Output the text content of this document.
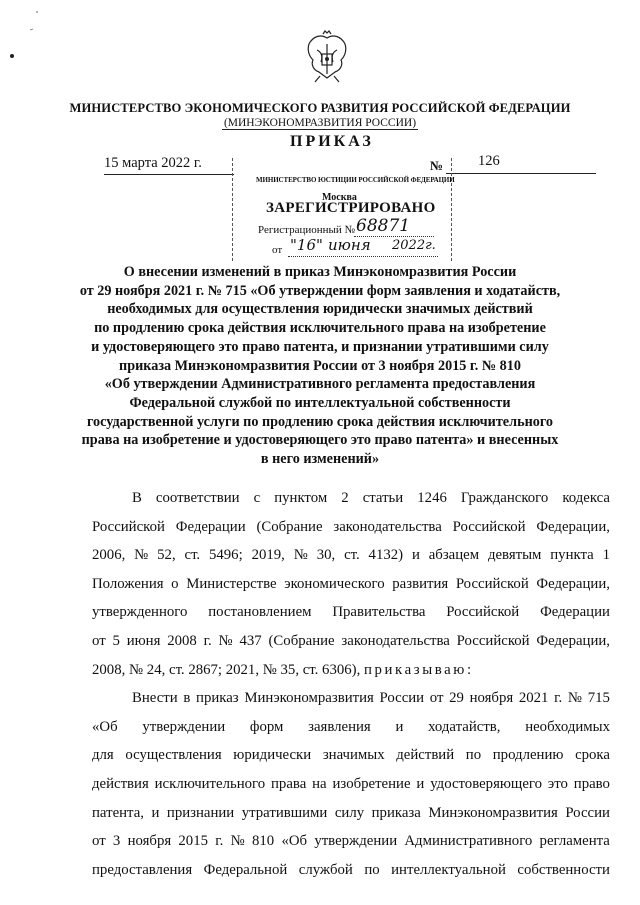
МИНИСТЕРСТВО ЭКОНОМИЧЕСКОГО РАЗВИТИЯ РОССИЙСКОЙ ФЕДЕРАЦИИ
(МИНЭКОНОМРАЗВИТИЯ РОССИИ)
ПРИКАЗ
15 марта 2022 г.	№ 126
МИНИСТЕРСТВО ЮСТИЦИИ РОССИЙСКОЙ ФЕДЕРАЦИИ
Москва
ЗАРЕГИСТРИРОВАНО
Регистрационный № 68871
от "16" июня 2022г.
О внесении изменений в приказ Минэкономразвития России
от 29 ноября 2021 г. № 715 «Об утверждении форм заявления и ходатайств,
необходимых для осуществления юридически значимых действий
по продлению срока действия исключительного права на изобретение
и удостоверяющего это право патента, и признании утратившими силу
приказа Минэкономразвития России от 3 ноября 2015 г. № 810
«Об утверждении Административного регламента предоставления
Федеральной службой по интеллектуальной собственности
государственной услуги по продлению срока действия исключительного
права на изобретение и удостоверяющего это право патента» и внесенных
в него изменений»
В соответствии с пунктом 2 статьи 1246 Гражданского кодекса
Российской Федерации (Собрание законодательства Российской Федерации,
2006, № 52, ст. 5496; 2019, № 30, ст. 4132) и абзацем девятым пункта 1
Положения о Министерстве экономического развития Российской Федерации,
утвержденного постановлением Правительства Российской Федерации
от 5 июня 2008 г. № 437 (Собрание законодательства Российской Федерации,
2008, № 24, ст. 2867; 2021, № 35, ст. 6306), приказываю:
Внести в приказ Минэкономразвития России от 29 ноября 2021 г. № 715
«Об утверждении форм заявления и ходатайств, необходимых
для осуществления юридически значимых действий по продлению срока
действия исключительного права на изобретение и удостоверяющего это право
патента, и признании утратившими силу приказа Минэкономразвития России
от 3 ноября 2015 г. № 810 «Об утверждении Административного регламента
предоставления Федеральной службой по интеллектуальной собственности
